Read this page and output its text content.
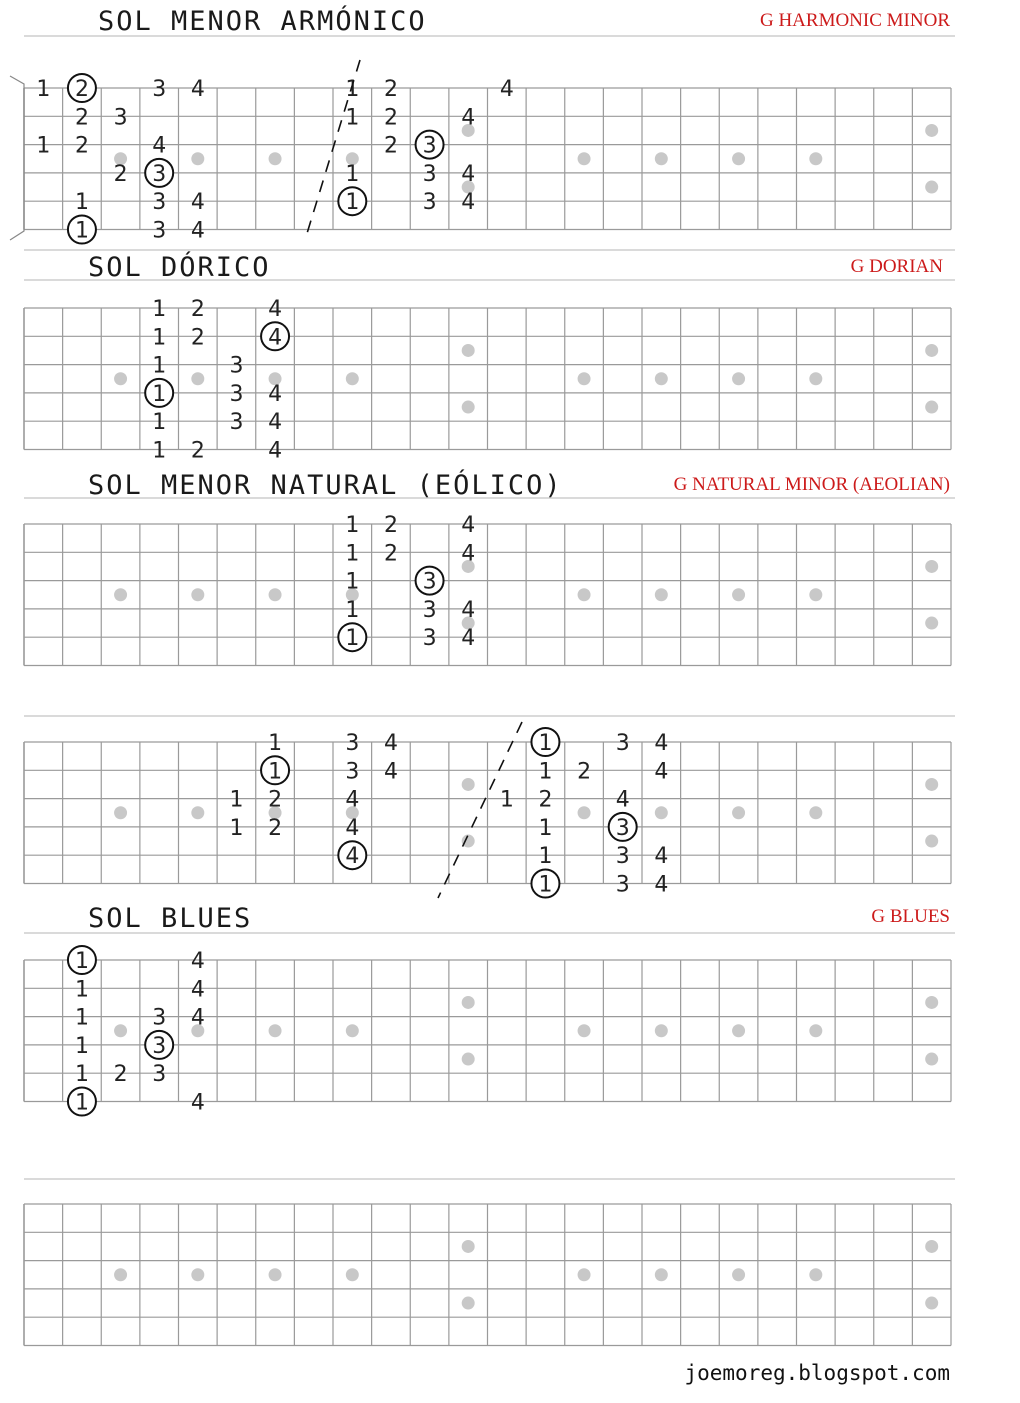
SOL MENOR ARMÓNICO	G HARMONIC MINOR
SOL DÓRICO	G DORIAN
SOL MENOR NATURAL (EÓLICO)	G NATURAL MINOR (AEOLIAN)
SOL BLUES	G BLUES
1 2	3 4
2 3
1 2	4
2 3
1	3 4
1	3 4
1 2	4
1 2	4
2 3
1	3 4
1	3 4
1 2	4
1 2	4
1	3
1	3 4
1	3 4
1 2	4
1 2	4
1 2	4
1	3
1	3 4
1	3 4
1	3 4
1	3 4
1 2	4
1 2	4
4
1	3 4
1 2	4
1 2	4
1	3
1	3 4
1	3 4
1	4
1	4
1	3 4
1	3
1 2 3
1	4
joemoreg.blogspot.com
